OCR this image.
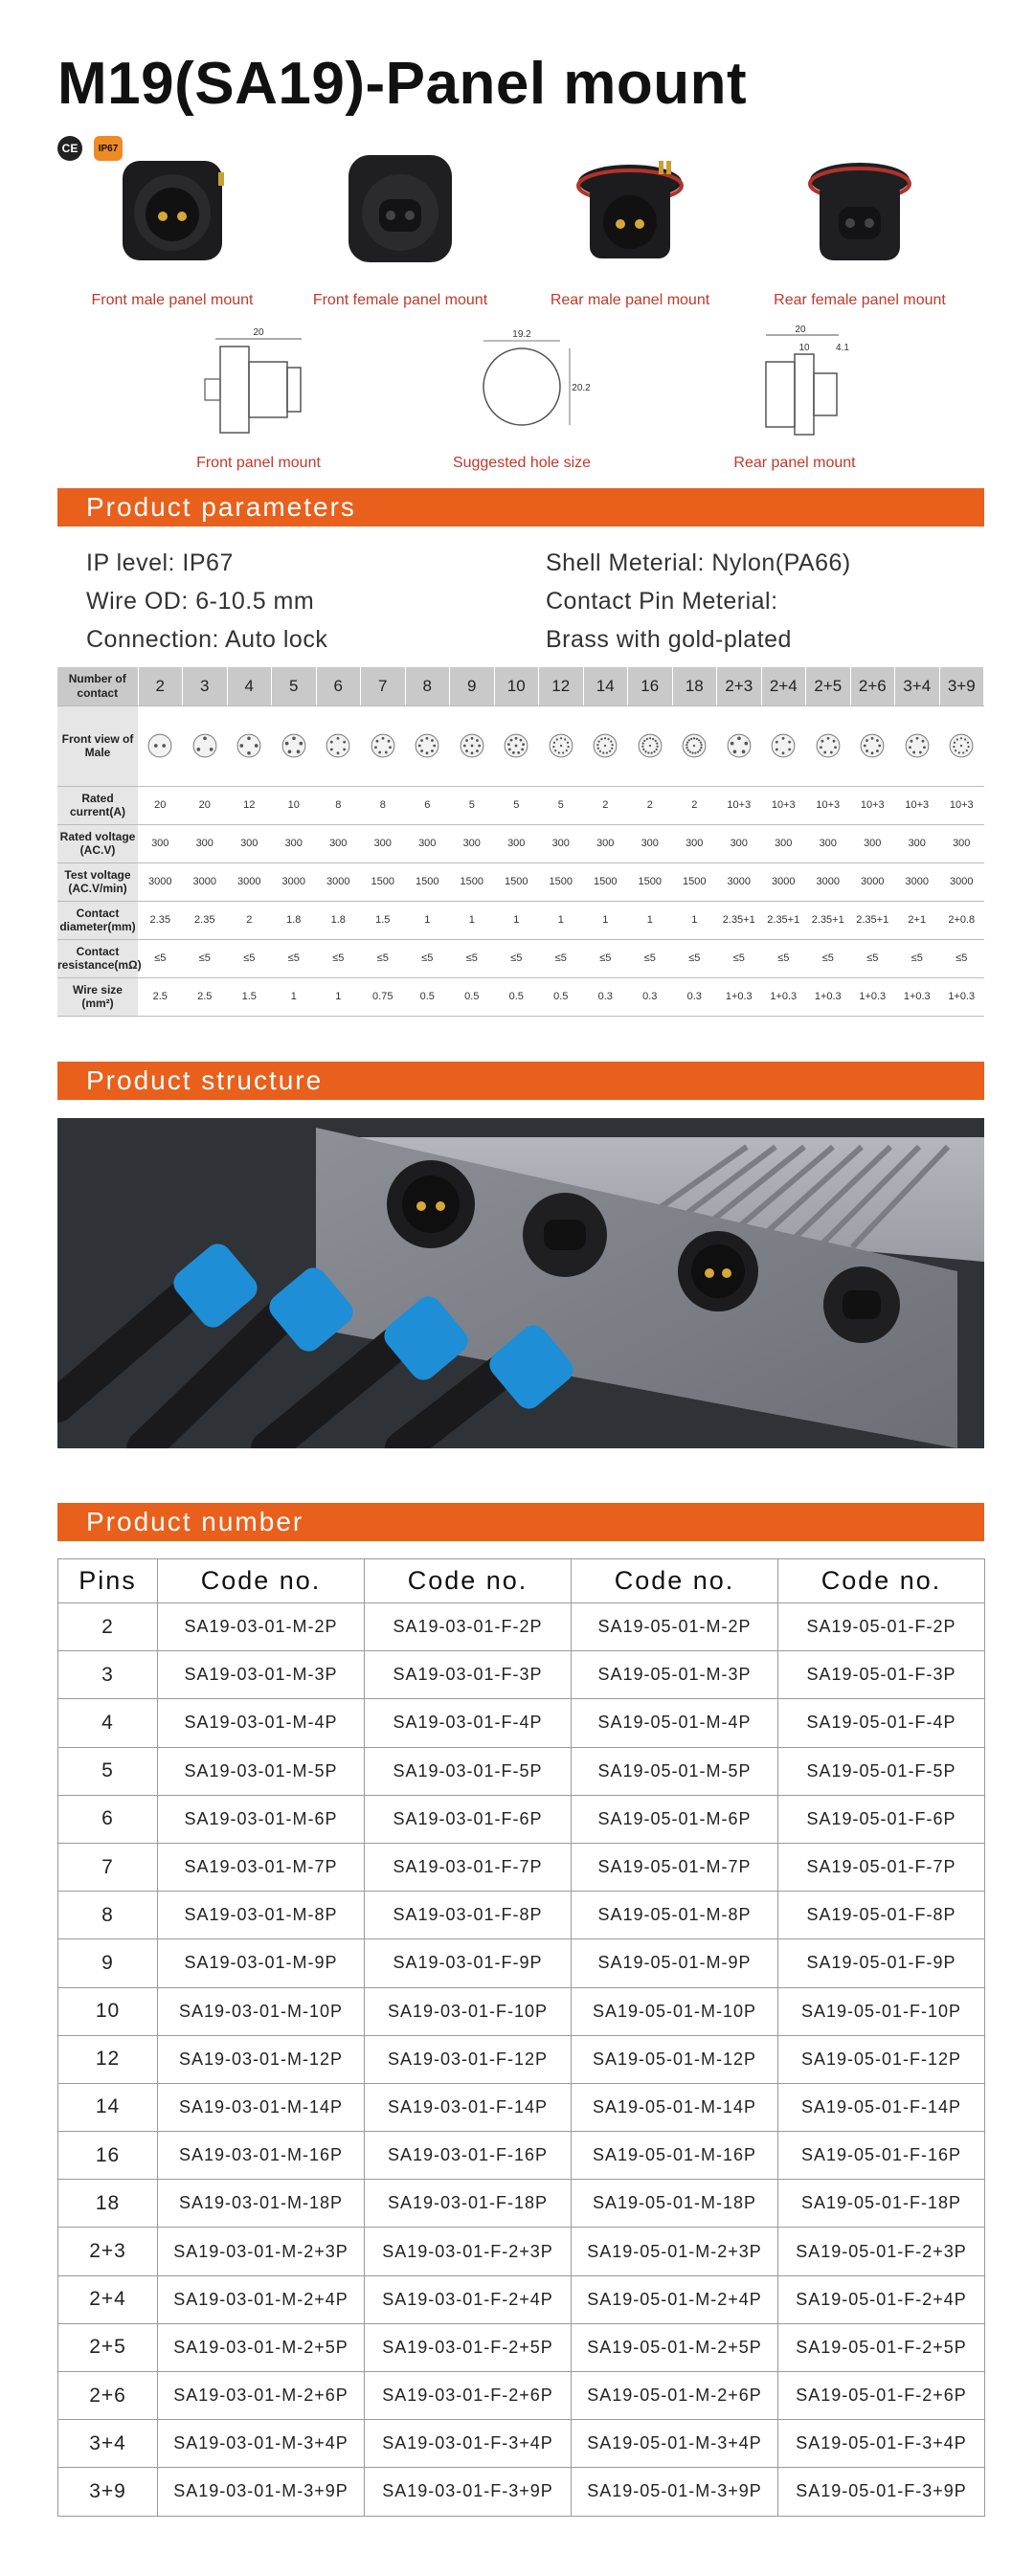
M19(SA19)-Panel mount
CE	IP67
Front male panel mount	Front female panel mount	Rear male panel mount	Rear female panel mount
20
Front panel mount
19.2
20.2
Suggested hole size
20
10	4.1
Rear panel mount
Product parameters
IP level: IP67
Wire OD: 6-10.5 mm
Connection: Auto lock
Shell Meterial: Nylon(PA66)
Contact Pin Meterial:
Brass with gold-plated
Number of contact	2	3	4	5	6	7	8	9	10	12	14	16	18	2+3	2+4	2+5	2+6	3+4	3+9
Front view of Male	

Rated current(A)	20	20	12	10	8	8	6	5	5	5	2	2	2	10+3	10+3	10+3	10+3	10+3	10+3
Rated voltage (AC.V)	300	300	300	300	300	300	300	300	300	300	300	300	300	300	300	300	300	300	300
Test voltage (AC.V/min)	3000	3000	3000	3000	3000	1500	1500	1500	1500	1500	1500	1500	1500	3000	3000	3000	3000	3000	3000
Contact diameter(mm)	2.35	2.35	2	1.8	1.8	1.5	1	1	1	1	1	1	1	2.35+1	2.35+1	2.35+1	2.35+1	2+1	2+0.8
Contact resistance(mΩ)	≤5	≤5	≤5	≤5	≤5	≤5	≤5	≤5	≤5	≤5	≤5	≤5	≤5	≤5	≤5	≤5	≤5	≤5	≤5
Wire size (mm²)	2.5	2.5	1.5	1	1	0.75	0.5	0.5	0.5	0.5	0.3	0.3	0.3	1+0.3	1+0.3	1+0.3	1+0.3	1+0.3	1+0.3
Product structure
Product number
Pins	Code no.	Code no.	Code no.	Code no.
2	SA19-03-01-M-2P	SA19-03-01-F-2P	SA19-05-01-M-2P	SA19-05-01-F-2P
3	SA19-03-01-M-3P	SA19-03-01-F-3P	SA19-05-01-M-3P	SA19-05-01-F-3P
4	SA19-03-01-M-4P	SA19-03-01-F-4P	SA19-05-01-M-4P	SA19-05-01-F-4P
5	SA19-03-01-M-5P	SA19-03-01-F-5P	SA19-05-01-M-5P	SA19-05-01-F-5P
6	SA19-03-01-M-6P	SA19-03-01-F-6P	SA19-05-01-M-6P	SA19-05-01-F-6P
7	SA19-03-01-M-7P	SA19-03-01-F-7P	SA19-05-01-M-7P	SA19-05-01-F-7P
8	SA19-03-01-M-8P	SA19-03-01-F-8P	SA19-05-01-M-8P	SA19-05-01-F-8P
9	SA19-03-01-M-9P	SA19-03-01-F-9P	SA19-05-01-M-9P	SA19-05-01-F-9P
10	SA19-03-01-M-10P	SA19-03-01-F-10P	SA19-05-01-M-10P	SA19-05-01-F-10P
12	SA19-03-01-M-12P	SA19-03-01-F-12P	SA19-05-01-M-12P	SA19-05-01-F-12P
14	SA19-03-01-M-14P	SA19-03-01-F-14P	SA19-05-01-M-14P	SA19-05-01-F-14P
16	SA19-03-01-M-16P	SA19-03-01-F-16P	SA19-05-01-M-16P	SA19-05-01-F-16P
18	SA19-03-01-M-18P	SA19-03-01-F-18P	SA19-05-01-M-18P	SA19-05-01-F-18P
2+3	SA19-03-01-M-2+3P	SA19-03-01-F-2+3P	SA19-05-01-M-2+3P	SA19-05-01-F-2+3P
2+4	SA19-03-01-M-2+4P	SA19-03-01-F-2+4P	SA19-05-01-M-2+4P	SA19-05-01-F-2+4P
2+5	SA19-03-01-M-2+5P	SA19-03-01-F-2+5P	SA19-05-01-M-2+5P	SA19-05-01-F-2+5P
2+6	SA19-03-01-M-2+6P	SA19-03-01-F-2+6P	SA19-05-01-M-2+6P	SA19-05-01-F-2+6P
3+4	SA19-03-01-M-3+4P	SA19-03-01-F-3+4P	SA19-05-01-M-3+4P	SA19-05-01-F-3+4P
3+9	SA19-03-01-M-3+9P	SA19-03-01-F-3+9P	SA19-05-01-M-3+9P	SA19-05-01-F-3+9P
